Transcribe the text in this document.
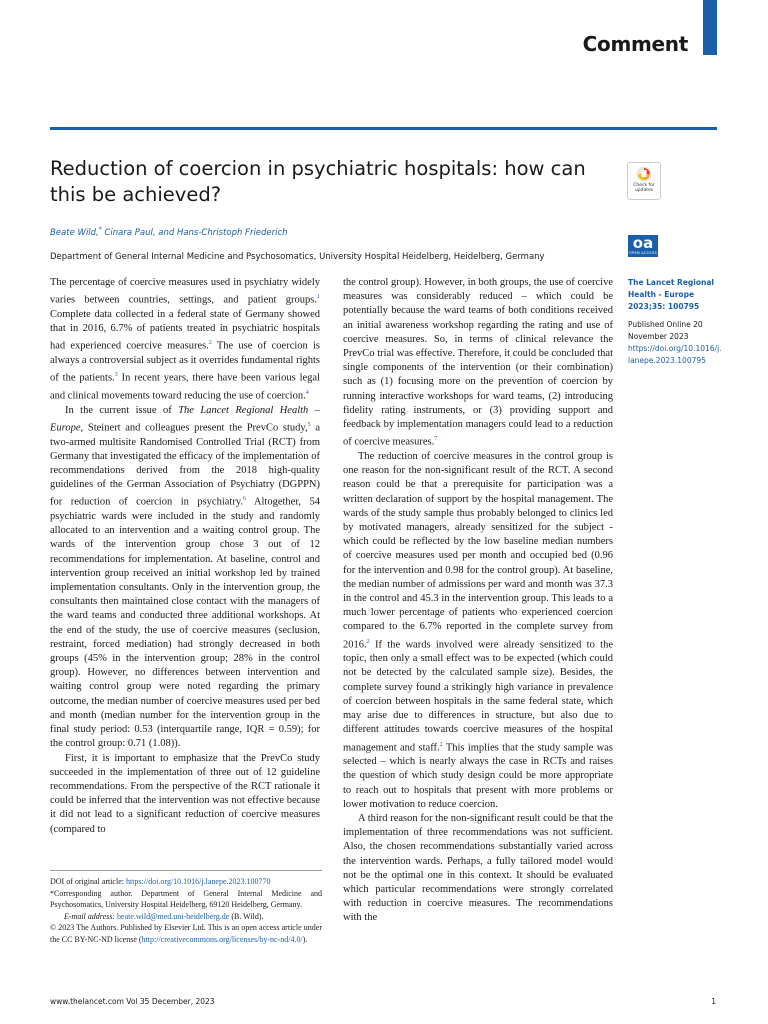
Comment
Reduction of coercion in psychiatric hospitals: how can this be achieved?	Check for
updates
Beate Wild,* Cinara Paul, and Hans-Christoph Friederich
Department of General Internal Medicine and Psychosomatics, University Hospital Heidelberg, Heidelberg, Germany
oa
OPEN ACCESS
The Lancet Regional Health - Europe 2023;35: 100795
Published Online 20 November 2023
https://doi.org/10.1016/j.lanepe.2023.100795

The percentage of coercive measures used in psychiatry widely varies between countries, settings, and patient groups.$^1$ Complete data collected in a federal state of Germany showed that in 2016, 6.7% of patients treated in psychiatric hospitals had experienced coercive measures.$^2$ The use of coercion is always a controversial subject as it overrides fundamental rights of the patients.$^3$ In recent years, there have been various legal and clinical movements toward reducing the use of coercion.$^4$

In the current issue of The Lancet Regional Health – Europe, Steinert and colleagues present the PrevCo study,$^5$ a two-armed multisite Randomised Controlled Trial (RCT) from Germany that investigated the efficacy of the implementation of recommendations derived from the 2018 high-quality guidelines of the German Association of Psychiatry (DGPPN) for reduction of coercion in psychiatry.$^6$ Altogether, 54 psychiatric wards were included in the study and randomly allocated to an intervention and a waiting control group. The wards of the intervention group chose 3 out of 12 recommendations for implementation. At baseline, control and intervention group received an initial workshop led by trained implementation consultants. Only in the intervention group, the consultants then maintained close contact with the managers of the ward teams and conducted three additional workshops. At the end of the study, the use of coercive measures (seclusion, restraint, forced mediation) had strongly decreased in both groups (45% in the intervention group; 28% in the control group). However, no differences between intervention and waiting control group were noted regarding the primary outcome, the median number of coercive measures used per bed and month (median number for the intervention group in the final study period: 0.53 (interquartile range, IQR = 0.59); for the control group: 0.71 (1.08)).

First, it is important to emphasize that the PrevCo study succeeded in the implementation of three out of 12 guideline recommendations. From the perspective of the RCT rationale it could be inferred that the intervention was not effective because it did not lead to a significant reduction of coercive measures (compared to

the control group). However, in both groups, the use of coercive measures was considerably reduced – which could be potentially because the ward teams of both conditions received an initial awareness workshop regarding the rating and use of coercive measures. So, in terms of clinical relevance the PrevCo trial was effective. Therefore, it could be concluded that single components of the intervention (or their combination) such as (1) focusing more on the prevention of coercion by running interactive workshops for ward teams, (2) introducing fidelity rating instruments, or (3) providing support and feedback by implementation managers could lead to a reduction of coercive measures.$^7$

The reduction of coercive measures in the control group is one reason for the non-significant result of the RCT. A second reason could be that a prerequisite for participation was a written declaration of support by the hospital management. The wards of the study sample thus probably belonged to clinics led by motivated managers, already sensitized for the subject - which could be reflected by the low baseline median numbers of coercive measures used per month and occupied bed (0.96 for the intervention and 0.98 for the control group). At baseline, the median number of admissions per ward and month was 37.3 in the control and 45.3 in the intervention group. This leads to a much lower percentage of patients who experienced coercion compared to the 6.7% reported in the complete survey from 2016.$^2$ If the wards involved were already sensitized to the topic, then only a small effect was to be expected (which could not be detected by the calculated sample size). Besides, the complete survey found a strikingly high variance in prevalence of coercion between hospitals in the same federal state, which may arise due to differences in structure, but also due to different attitudes towards coercive measures of the hospital management and staff.$^2$ This implies that the study sample was selected – which is nearly always the case in RCTs and raises the question of which study design could be more appropriate to reach out to hospitals that present with more problems or lower motivation to reduce coercion.

A third reason for the non-significant result could be that the implementation of three recommendations was not sufficient. Also, the chosen recommendations substantially varied across the intervention wards. Perhaps, a fully tailored model would not be the optimal one in this context. It should be evaluated which particular recommendations were strongly correlated with reduction in coercive measures. The recommendations with the

DOI of original article: https://doi.org/10.1016/j.lanepe.2023.100770

*Corresponding author. Department of General Internal Medicine and Psychosomatics, University Hospital Heidelberg, 69120 Heidelberg, Germany.

E-mail address: beate.wild@med.uni-heidelberg.de (B. Wild).

© 2023 The Authors. Published by Elsevier Ltd. This is an open access article under the CC BY-NC-ND license (http://creativecommons.org/licenses/by-nc-nd/4.0/).

www.thelancet.com Vol 35 December, 2023	1
